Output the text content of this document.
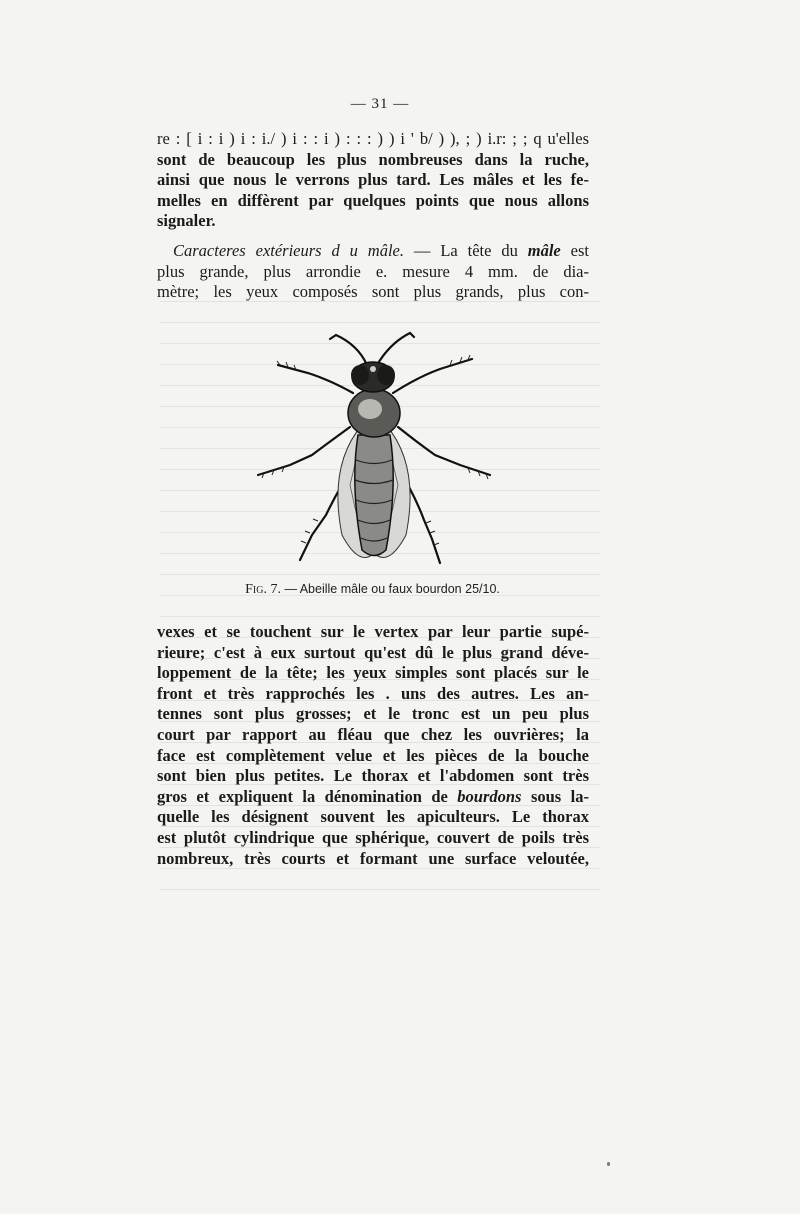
— 31 —
re : [ i : i ) i : i./ ) i : : i ) : : : ) ) i ' b/ ) ), ; ) i.r: ; ; q u'elles
sont de beaucoup les plus nombreuses dans la ruche,
ainsi que nous le verrons plus tard. Les mâles et les fe-
melles en diffèrent par quelques points que nous allons
signaler.
Caracteres extérieurs d u mâle. — La tête du mâle est
plus grande, plus arrondie e. mesure 4 mm. de dia-
mètre; les yeux composés sont plus grands, plus con-
Fig. 7. — Abeille mâle ou faux bourdon 25/10.
vexes et se touchent sur le vertex par leur partie supé-
rieure; c'est à eux surtout qu'est dû le plus grand déve-
loppement de la tête; les yeux simples sont placés sur le
front et très rapprochés les . uns des autres. Les an-
tennes sont plus grosses; et le tronc est un peu plus
court par rapport au fléau que chez les ouvrières; la
face est complètement velue et les pièces de la bouche
sont bien plus petites. Le thorax et l'abdomen sont très
gros et expliquent la dénomination de bourdons sous la-
quelle les désignent souvent les apiculteurs. Le thorax
est plutôt cylindrique que sphérique, couvert de poils très
nombreux, très courts et formant une surface veloutée,
